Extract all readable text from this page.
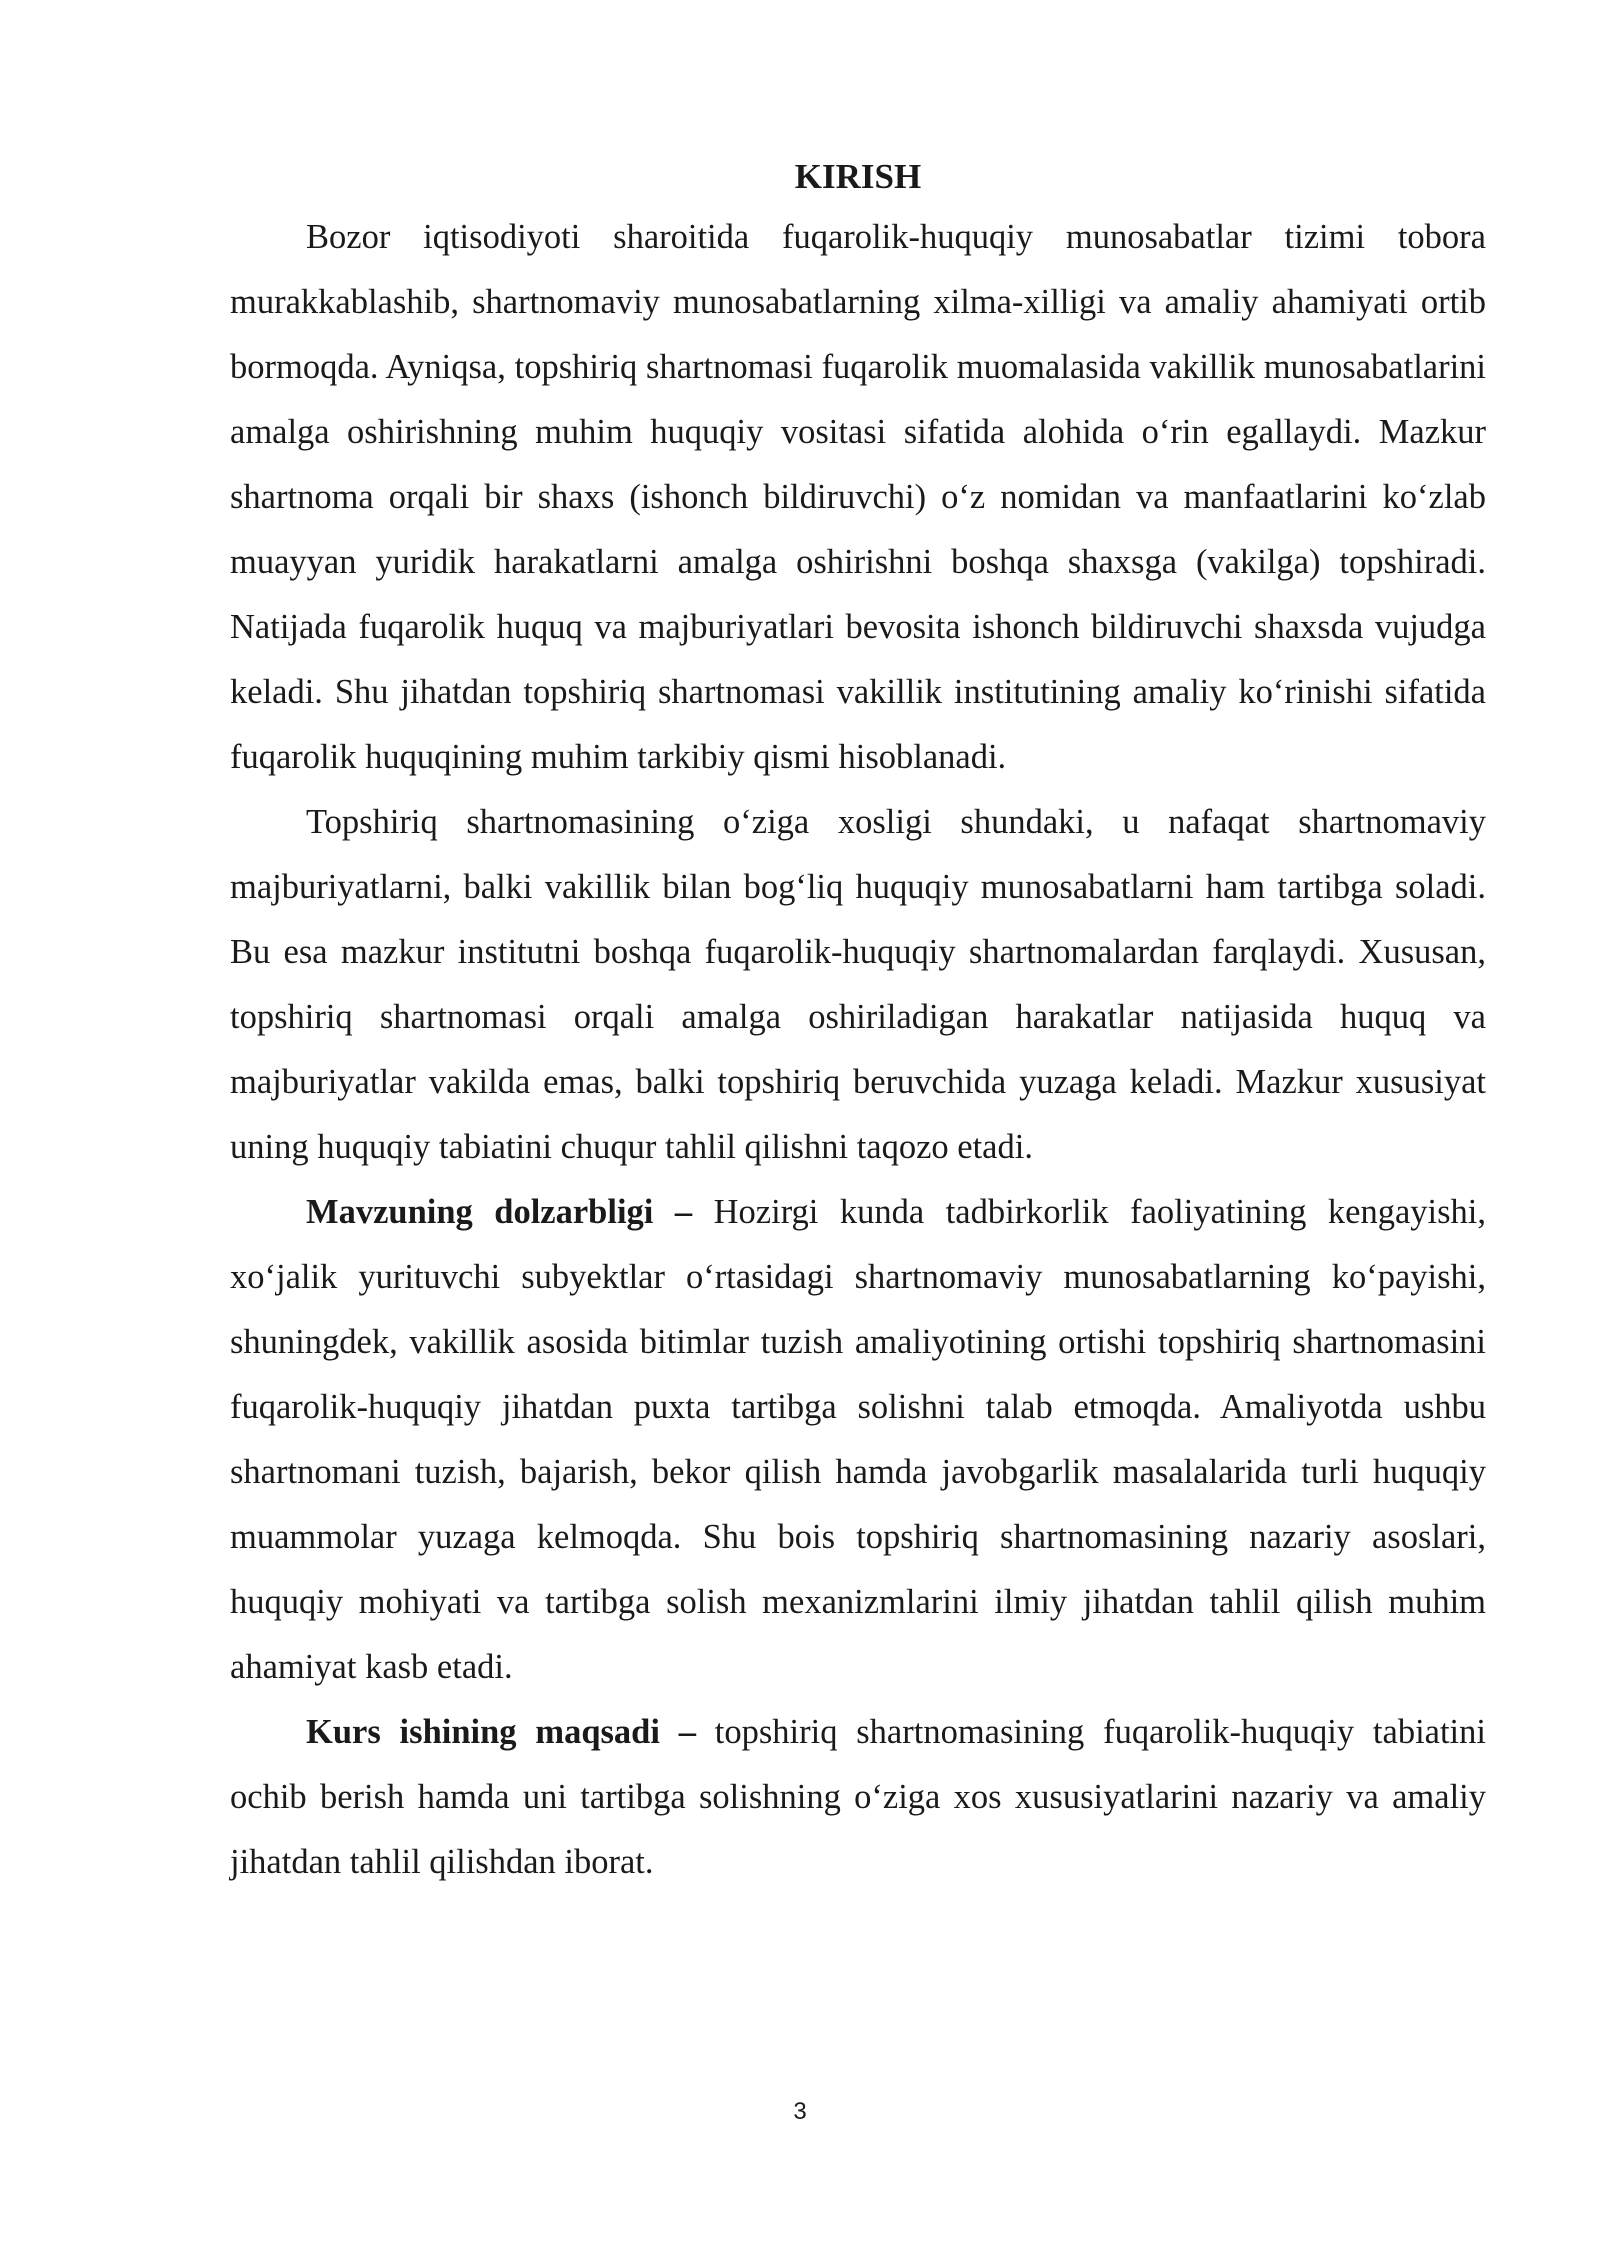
KIRISH

Bozor iqtisodiyoti sharoitida fuqarolik-huquqiy munosabatlar tizimi tobora murakkablashib, shartnomaviy munosabatlarning xilma-xilligi va amaliy ahamiyati ortib bormoqda. Ayniqsa, topshiriq shartnomasi fuqarolik muomalasida vakillik munosabatlarini amalga oshirishning muhim huquqiy vositasi sifatida alohida o‘rin egallaydi. Mazkur shartnoma orqali bir shaxs (ishonch bildiruvchi) o‘z nomidan va manfaatlarini ko‘zlab muayyan yuridik harakatlarni amalga oshirishni boshqa shaxsga (vakilga) topshiradi. Natijada fuqarolik huquq va majburiyatlari bevosita ishonch bildiruvchi shaxsda vujudga keladi. Shu jihatdan topshiriq shartnomasi vakillik institutining amaliy ko‘rinishi sifatida fuqarolik huquqining muhim tarkibiy qismi hisoblanadi.

Topshiriq shartnomasining o‘ziga xosligi shundaki, u nafaqat shartnomaviy majburiyatlarni, balki vakillik bilan bog‘liq huquqiy munosabatlarni ham tartibga soladi. Bu esa mazkur institutni boshqa fuqarolik-huquqiy shartnomalardan farqlaydi. Xususan, topshiriq shartnomasi orqali amalga oshiriladigan harakatlar natijasida huquq va majburiyatlar vakilda emas, balki topshiriq beruvchida yuzaga keladi. Mazkur xususiyat uning huquqiy tabiatini chuqur tahlil qilishni taqozo etadi.

Mavzuning dolzarbligi – Hozirgi kunda tadbirkorlik faoliyatining kengayishi, xo‘jalik yurituvchi subyektlar o‘rtasidagi shartnomaviy munosabatlarning ko‘payishi, shuningdek, vakillik asosida bitimlar tuzish amaliyotining ortishi topshiriq shartnomasini fuqarolik-huquqiy jihatdan puxta tartibga solishni talab etmoqda. Amaliyotda ushbu shartnomani tuzish, bajarish, bekor qilish hamda javobgarlik masalalarida turli huquqiy muammolar yuzaga kelmoqda. Shu bois topshiriq shartnomasining nazariy asoslari, huquqiy mohiyati va tartibga solish mexanizmlarini ilmiy jihatdan tahlil qilish muhim ahamiyat kasb etadi.

Kurs ishining maqsadi – topshiriq shartnomasining fuqarolik-huquqiy tabiatini ochib berish hamda uni tartibga solishning o‘ziga xos xususiyatlarini nazariy va amaliy jihatdan tahlil qilishdan iborat.

3
